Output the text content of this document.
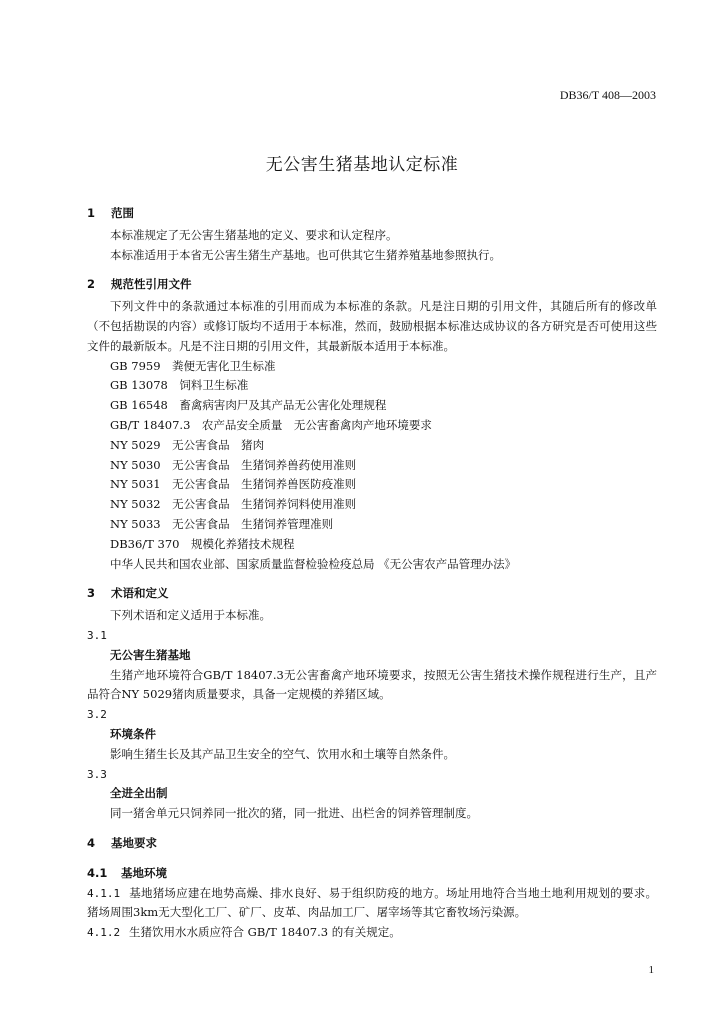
DB36/T 408—2003
无公害生猪基地认定标准
1 范围

本标准规定了无公害生猪基地的定义、要求和认定程序。

本标准适用于本省无公害生猪生产基地。也可供其它生猪养殖基地参照执行。

2 规范性引用文件

下列文件中的条款通过本标准的引用而成为本标准的条款。凡是注日期的引用文件，其随后所有的修改单（不包括勘误的内容）或修订版均不适用于本标准，然而，鼓励根据本标准达成协议的各方研究是否可使用这些文件的最新版本。凡是不注日期的引用文件，其最新版本适用于本标准。

GB 7959　粪便无害化卫生标准
GB 13078　饲料卫生标准
GB 16548　畜禽病害肉尸及其产品无公害化处理规程
GB/T 18407.3　农产品安全质量　无公害畜禽肉产地环境要求
NY 5029　无公害食品　猪肉
NY 5030　无公害食品　生猪饲养兽药使用准则
NY 5031　无公害食品　生猪饲养兽医防疫准则
NY 5032　无公害食品　生猪饲养饲料使用准则
NY 5033　无公害食品　生猪饲养管理准则
DB36/T 370　规模化养猪技术规程
中华人民共和国农业部、国家质量监督检验检疫总局 《无公害农产品管理办法》
3 术语和定义

下列术语和定义适用于本标准。

3.1

无公害生猪基地

生猪产地环境符合GB/T 18407.3无公害畜禽产地环境要求，按照无公害生猪技术操作规程进行生产，且产品符合NY 5029猪肉质量要求，具备一定规模的养猪区域。

3.2

环境条件

影响生猪生长及其产品卫生安全的空气、饮用水和土壤等自然条件。

3.3

全进全出制

同一猪舍单元只饲养同一批次的猪，同一批进、出栏舍的饲养管理制度。

4 基地要求
4.1 基地环境

4.1.1 基地猪场应建在地势高燥、排水良好、易于组织防疫的地方。场址用地符合当地土地利用规划的要求。猪场周围3km无大型化工厂、矿厂、皮革、肉品加工厂、屠宰场等其它畜牧场污染源。

4.1.2 生猪饮用水水质应符合 GB/T 18407.3 的有关规定。

1
